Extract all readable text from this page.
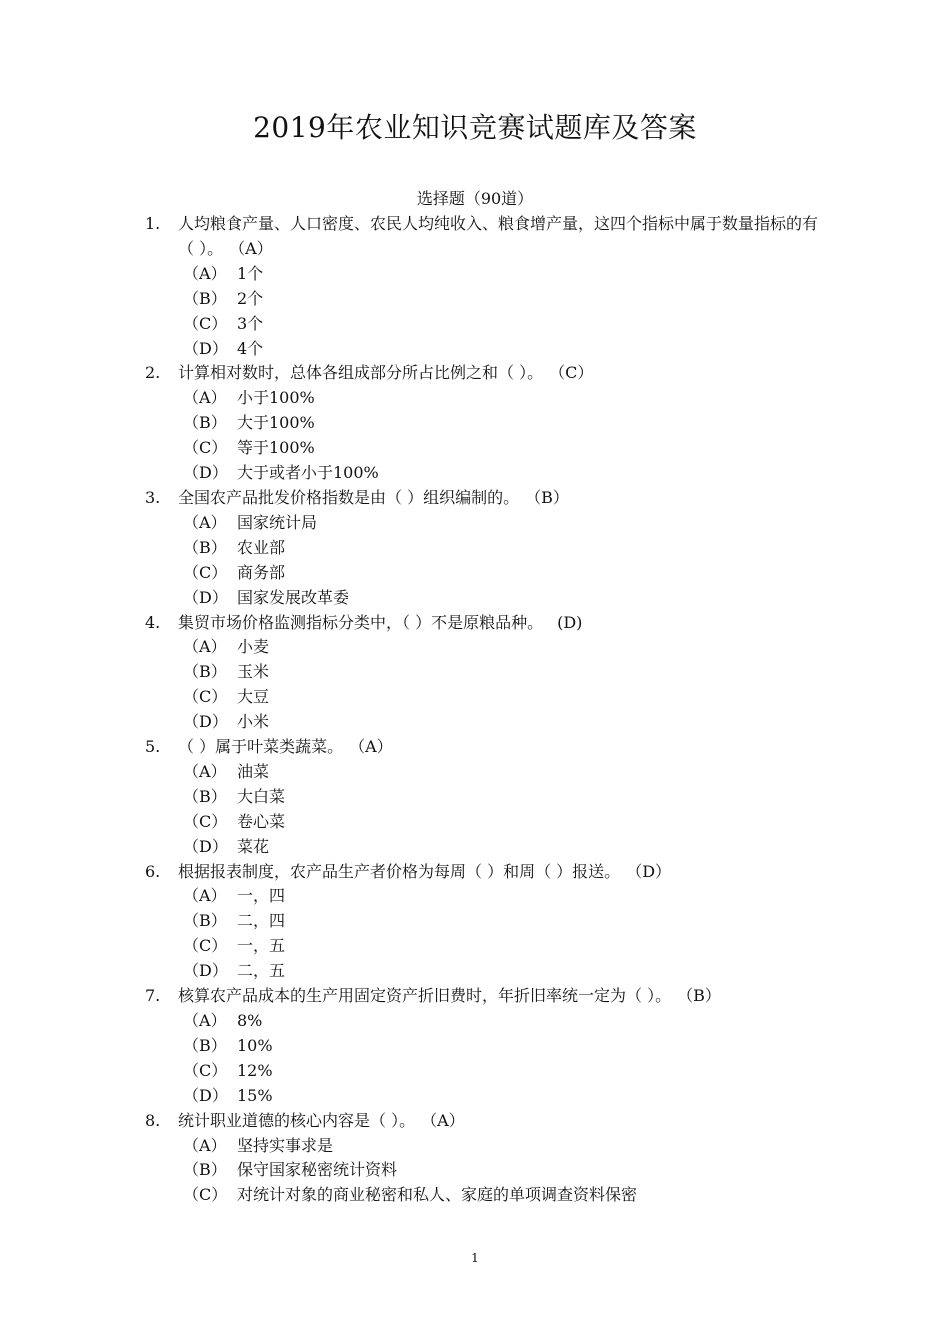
2019年农业知识竞赛试题库及答案
选择题（90道）
1.	人均粮食产量、人口密度、农民人均纯收入、粮食增产量，这四个指标中属于数量指标的有（ ）。 （A）
（A） 1个
（B） 2个
（C） 3个
（D） 4个
2.	计算相对数时，总体各组成部分所占比例之和（ ）。 （C）
（A） 小于100%
（B） 大于100%
（C） 等于100%
（D） 大于或者小于100%
3.	全国农产品批发价格指数是由（ ）组织编制的。 （B）
（A） 国家统计局
（B） 农业部
（C） 商务部
（D） 国家发展改革委
4.	集贸市场价格监测指标分类中，（ ）不是原粮品种。 (D)
（A） 小麦
（B） 玉米
（C） 大豆
（D） 小米
5.	（ ）属于叶菜类蔬菜。 （A）
（A） 油菜
（B） 大白菜
（C） 卷心菜
（D） 菜花
6.	根据报表制度，农产品生产者价格为每周（ ）和周（ ）报送。 （D）
（A） 一，四
（B） 二，四
（C） 一，五
（D） 二，五
7.	核算农产品成本的生产用固定资产折旧费时，年折旧率统一定为（ ）。 （B）
（A） 8%
（B） 10%
（C） 12%
（D） 15%
8.	统计职业道德的核心内容是（ ）。 （A）
（A） 坚持实事求是
（B） 保守国家秘密统计资料
（C） 对统计对象的商业秘密和私人、家庭的单项调查资料保密
1
